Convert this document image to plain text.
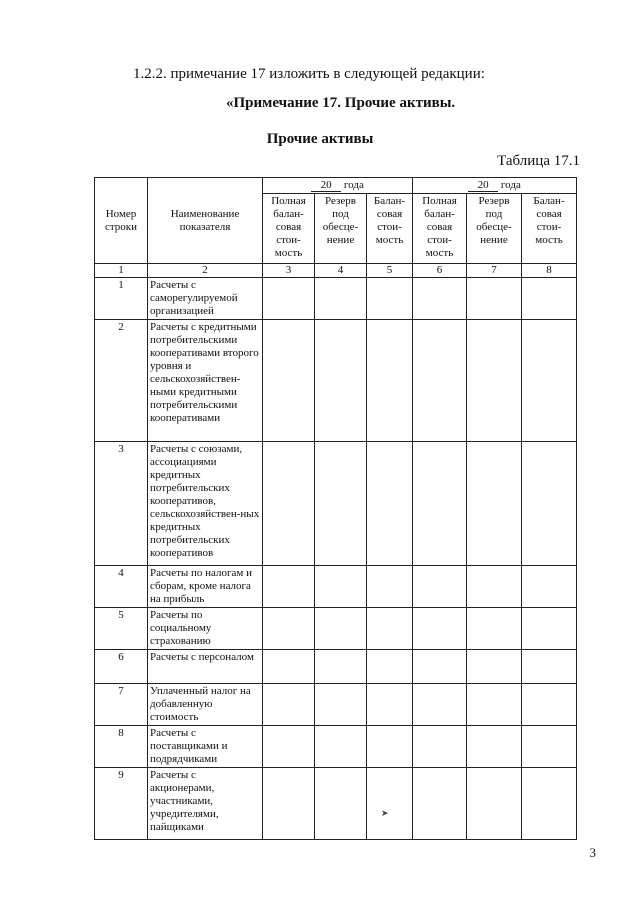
1.2.2. примечание 17 изложить в следующей редакции:
«Примечание 17. Прочие активы.
Прочие активы
Таблица 17.1
Номер строки	Наименование показателя	20 года			20 года		
		Полная балан-совая стои-мость	Резерв под обесце-нение	Балан-совая стои-мость	Полная балан-совая стои-мость	Резерв под обесце-нение	Балан-совая стои-мость
1	2	3	4	5	6	7	8
1	Расчеты с саморегулируемой организацией						
2	Расчеты с кредитными потребительскими кооперативами второго уровня и сельскохозяйствен-ными кредитными потребительскими кооперативами						
3	Расчеты с союзами, ассоциациями кредитных потребительских кооперативов, сельскохозяйствен-ных кредитных потребительских кооперативов						
4	Расчеты по налогам и сборам, кроме налога на прибыль						
5	Расчеты по социальному страхованию						
6	Расчеты с персоналом						
7	Уплаченный налог на добавленную стоимость						
8	Расчеты с поставщиками и подрядчиками						
9	Расчеты с акционерами, участниками, учредителями, пайщиками						
➤
3
